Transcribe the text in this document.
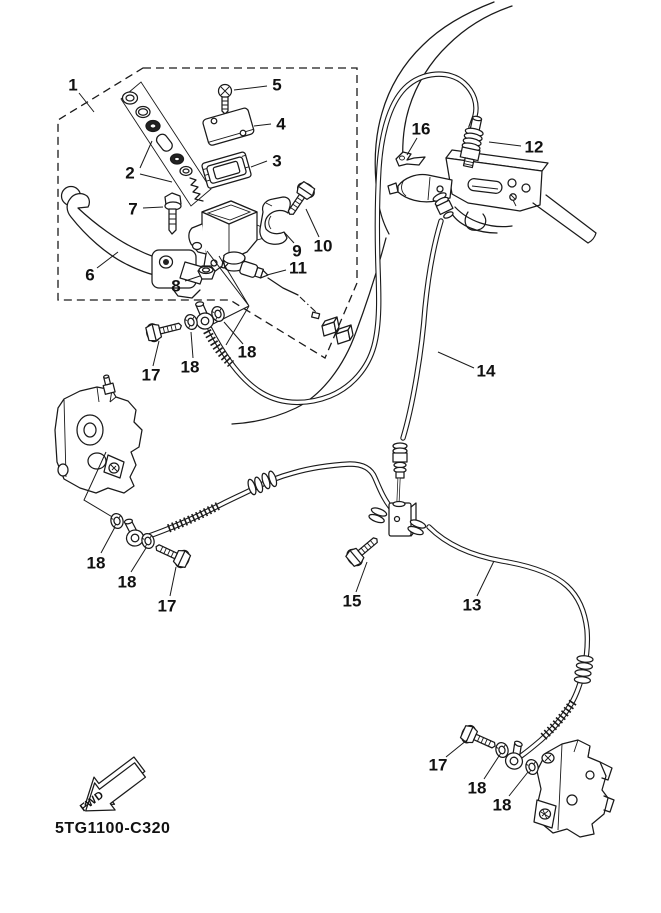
FWD
5TG1100-C320
1
2
3
4
5
6
7
8
9 10
11
12
13
14
15
16
17 18
18
18
18
17
17
18
18
